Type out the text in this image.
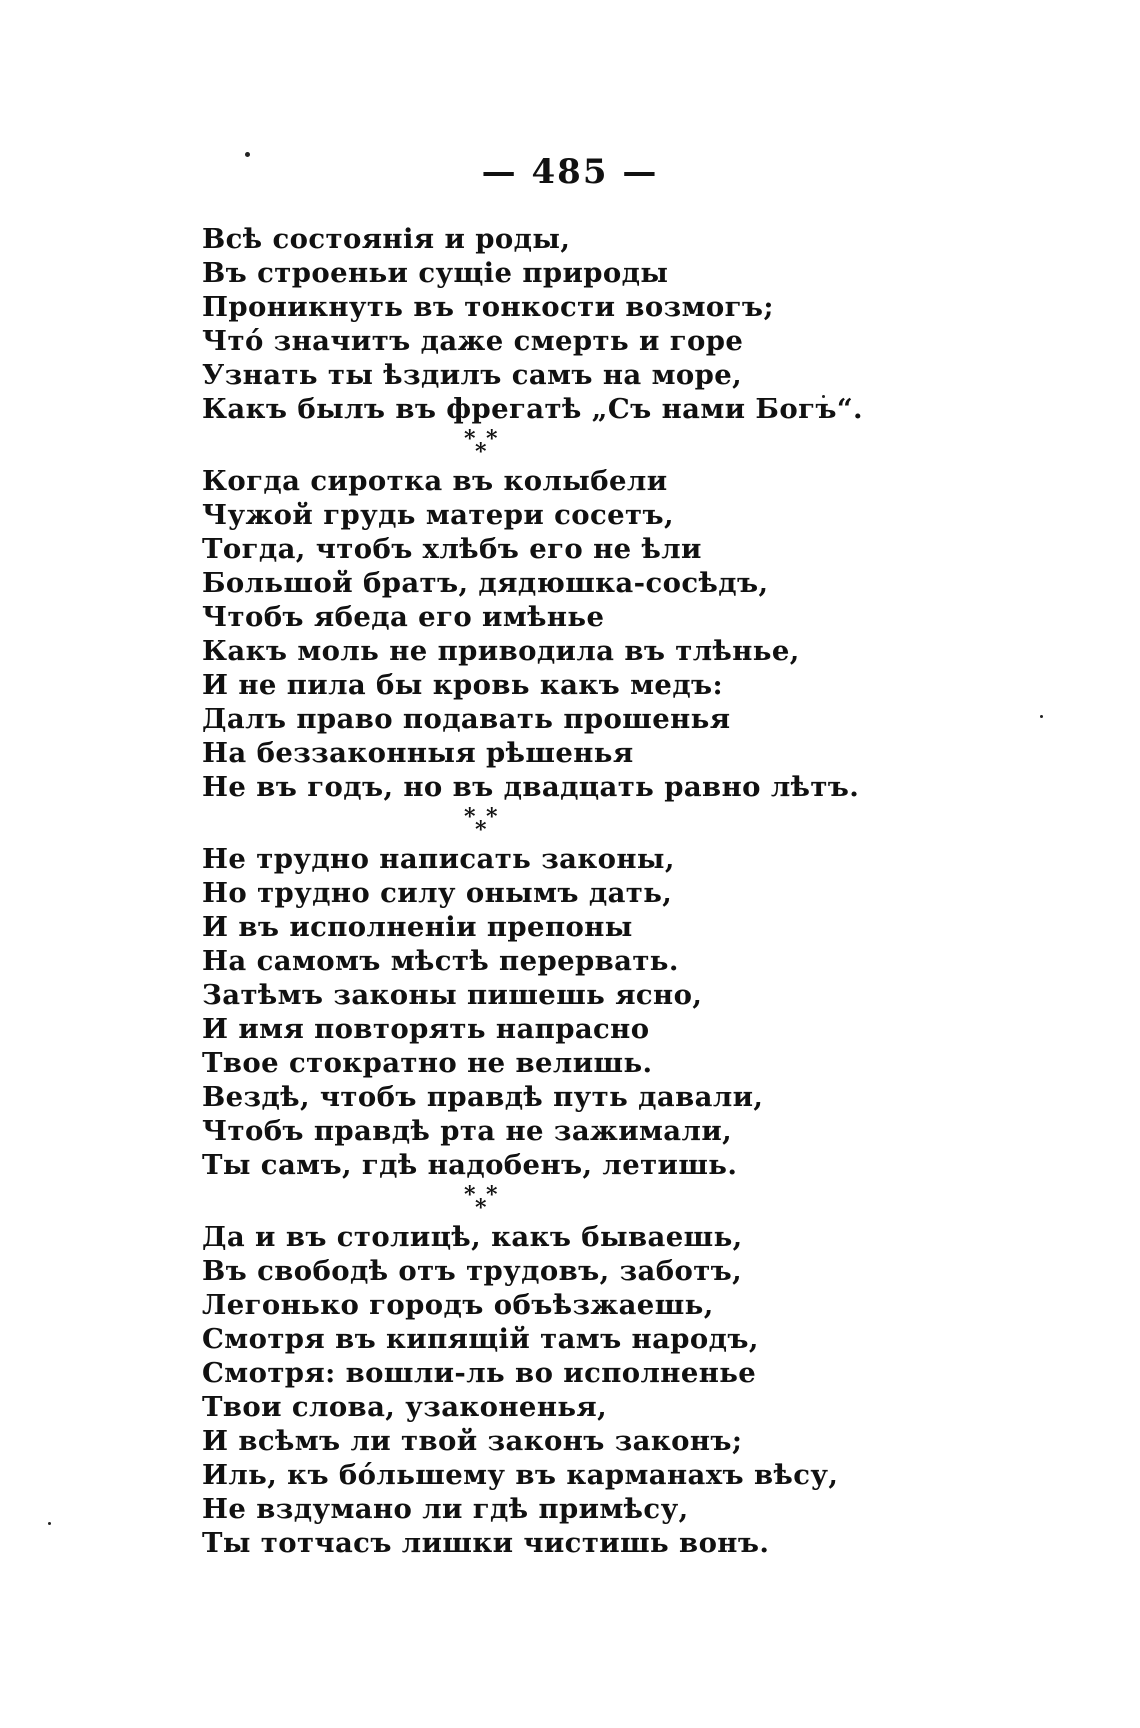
— 485 —
Всѣ состоянія и роды,
Въ строеньи сущіе природы
Проникнуть въ тонкости возмогъ;
Что́ значитъ даже смерть и горе
Узнать ты ѣздилъ самъ на море,
Какъ былъ въ фрегатѣ „Съ нами Богъ“.
* *
*
Когда сиротка въ колыбели
Чужой грудь матери сосетъ,
Тогда, чтобъ хлѣбъ его не ѣли
Большой братъ, дядюшка-сосѣдъ,
Чтобъ ябеда его имѣнье
Какъ моль не приводила въ тлѣнье,
И не пила бы кровь какъ медъ:
Далъ право подавать прошенья
На беззаконныя рѣшенья
Не въ годъ, но въ двадцать равно лѣтъ.
* *
*
Не трудно написать законы,
Но трудно силу онымъ дать,
И въ исполненіи препоны
На самомъ мѣстѣ перервать.
Затѣмъ законы пишешь ясно,
И имя повторять напрасно
Твое стократно не велишь.
Вездѣ, чтобъ правдѣ путь давали,
Чтобъ правдѣ рта не зажимали,
Ты самъ, гдѣ надобенъ, летишь.
* *
*
Да и въ столицѣ, какъ бываешь,
Въ свободѣ отъ трудовъ, заботъ,
Легонько городъ объѣзжаешь,
Смотря въ кипящій тамъ народъ,
Смотря: вошли-ль во исполненье
Твои слова, узаконенья,
И всѣмъ ли твой законъ законъ;
Иль, къ бо́льшему въ карманахъ вѣсу,
Не вздумано ли гдѣ примѣсу,
Ты тотчасъ лишки чистишь вонъ.
